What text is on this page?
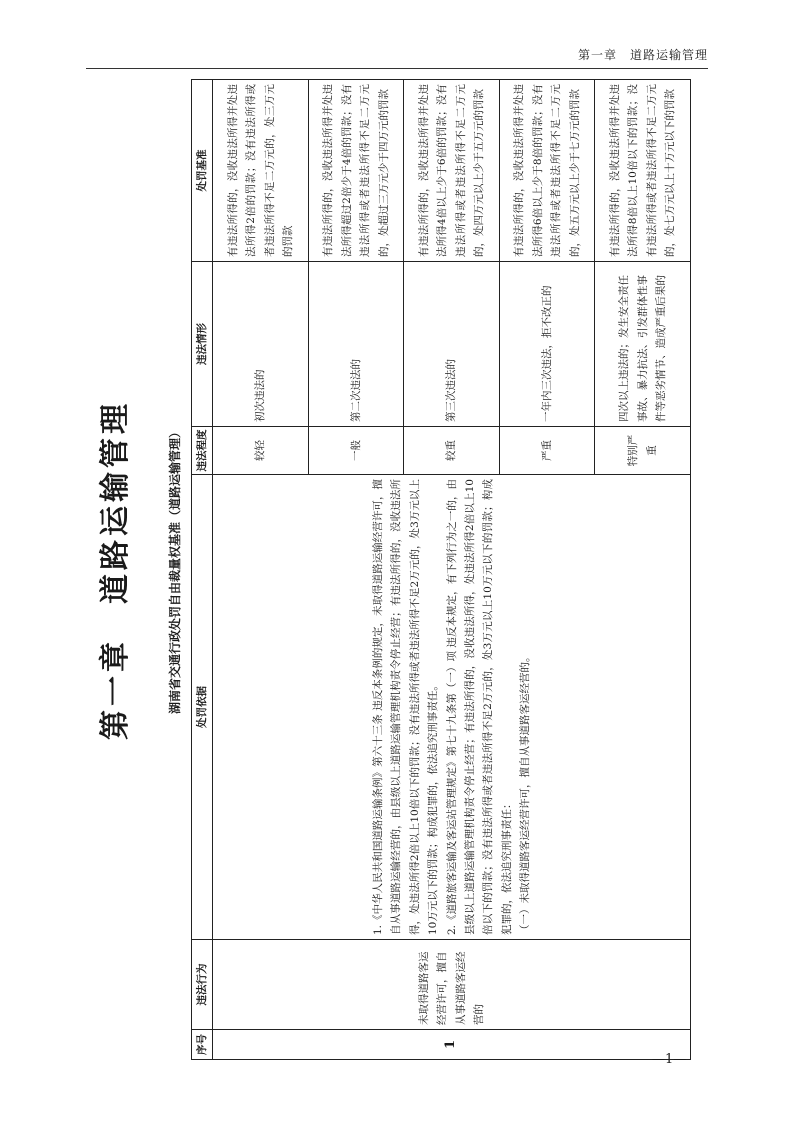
第一章　道路运输管理
第一章　道路运输管理	湖南省交通行政处罚自由裁量权基准（道路运输管理）
序号	违法行为	处罚依据	违法程度	违法情形	处罚基准
1	未取得道路客运经营许可，擅自从事道路客运经营的	1.《中华人民共和国道路运输条例》第六十三条 违反本条例的规定，未取得道路运输经营许可，擅自从事道路运输经营的，由县级以上道路运输管理机构责令停止经营；有违法所得的，没收违法所得，处违法所得2倍以上10倍以下的罚款；没有违法所得或者违法所得不足2万元的，处3万元以上10万元以下的罚款；构成犯罪的，依法追究刑事责任。 2.《道路旅客运输及客运站管理规定》第七十九条第（一）项 违反本规定，有下列行为之一的，由县级以上道路运输管理机构责令停止经营；有违法所得的，没收违法所得，处违法所得2倍以上10倍以下的罚款；没有违法所得或者违法所得不足2万元的，处3万元以上10万元以下的罚款；构成犯罪的，依法追究刑事责任： （一）未取得道路客运经营许可，擅自从事道路客运经营的。	较轻	初次违法的	有违法所得的，没收违法所得并处违法所得2倍的罚款；没有违法所得或者违法所得不足二万元的，处三万元的罚款
			一般	第二次违法的	有违法所得的，没收违法所得并处违法所得超过2倍少于4倍的罚款；没有违法所得或者违法所得不足二万元的，处超过三万元少于四万元的罚款
			较重	第三次违法的	有违法所得的，没收违法所得并处违法所得4倍以上少于6倍的罚款；没有违法所得或者违法所得不足二万元的，处四万元以上少于五万元的罚款
			严重	一年内三次违法，拒不改正的	有违法所得的，没收违法所得并处违法所得6倍以上少于8倍的罚款；没有违法所得或者违法所得不足二万元的，处五万元以上少于七万元的罚款
			特别严重	四次以上违法的；发生安全责任事故、暴力抗法、引发群体性事件等恶劣情节、造成严重后果的	有违法所得的，没收违法所得并处违法所得8倍以上10倍以下的罚款；没有违法所得或者违法所得不足二万元的，处七万元以上十万元以下的罚款
—1—
